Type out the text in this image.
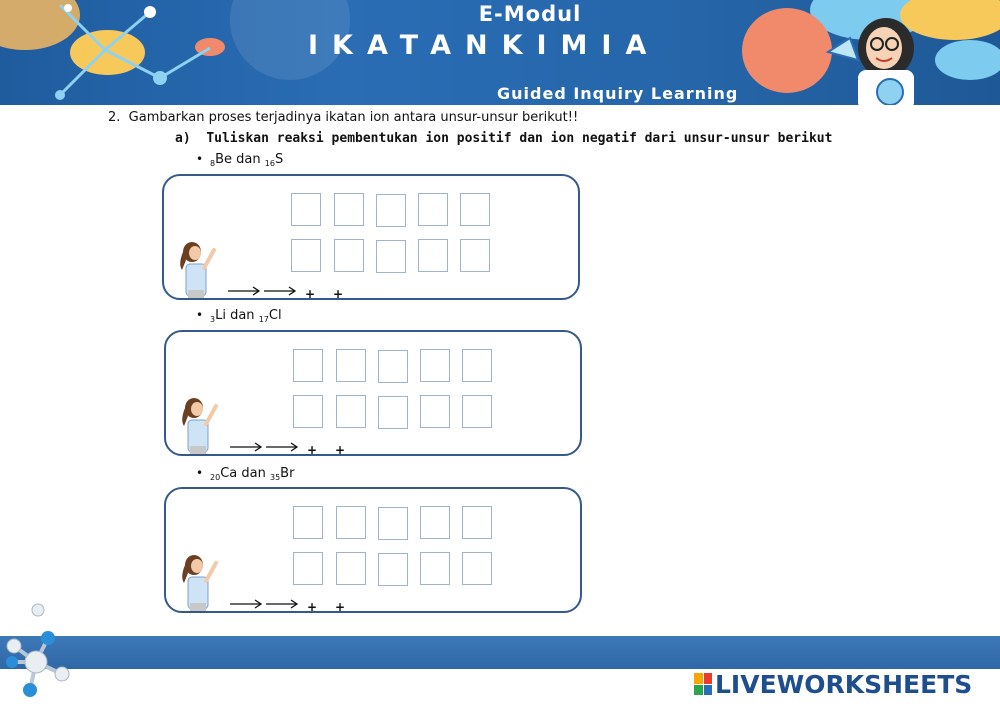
E-Modul
IKATANKIMIA
Guided Inquiry Learning
2. Gambarkan proses terjadinya ikatan ion antara unsur-unsur berikut!!
a) Tuliskan reaksi pembentukan ion positif dan ion negatif dari unsur-unsur berikut
• $_8$Be dan $_{16}$S
+ +
• $_3$Li dan $_{17}$Cl
+ +
• $_{20}$Ca dan $_{35}$Br
+ +
LIVEWORKSHEETS
